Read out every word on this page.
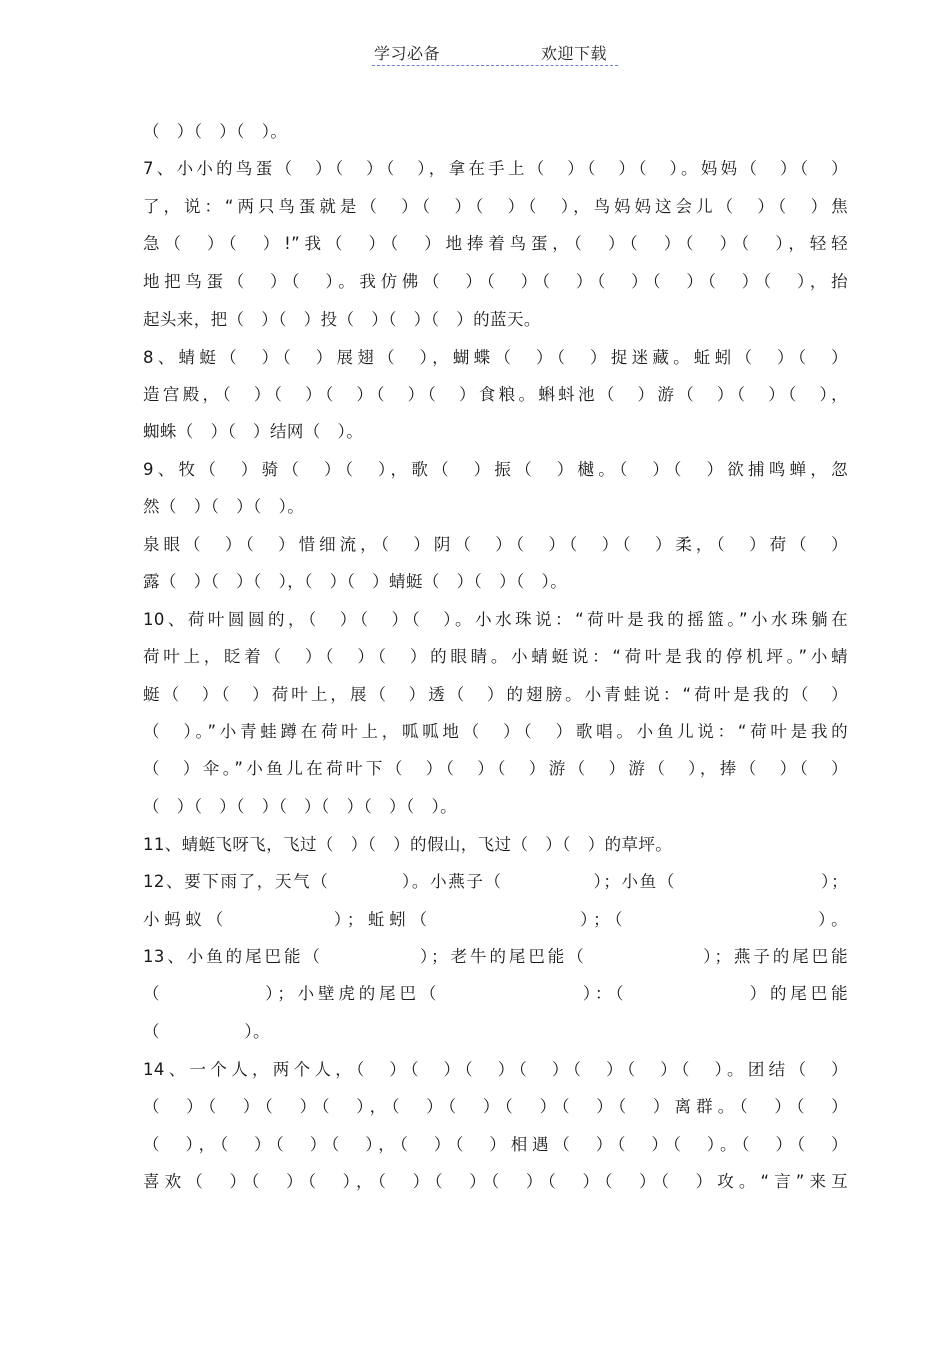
学习必备	欢迎下载
（　）（　）（　）。
7、小小的鸟蛋（　）（　）（　），拿在手上（　）（　）（　）。妈妈（　）（　）
了，说：“两只鸟蛋就是（　）（　）（　）（　），鸟妈妈这会儿（　）（　）焦
急（　）（　）!”我（　）（　）地捧着鸟蛋，（　）（　）（　）（　），轻轻
地把鸟蛋（　）（　）。我仿佛（　）（　）（　）（　）（　）（　）（　），抬
起头来，把（　）（　）投（　）（　）（　）的蓝天。
8、蜻蜓（　）（　）展翅（　），蝴蝶（　）（　）捉迷藏。蚯蚓（　）（　）
造宫殿，（　）（　）（　）（　）（　）食粮。蝌蚪池（　）游（　）（　）（　），
蜘蛛（　）（　）结网（　）。
9、牧（　）骑（　）（　），歌（　）振（　）樾。（　）（　）欲捕鸣蝉，忽
然（　）（　）（　）。
泉眼（　）（　）惜细流，（　）阴（　）（　）（　）（　）柔，（　）荷（　）
露（　）（　）（　），（　）（　）蜻蜓（　）（　）（　）。
10、荷叶圆圆的，（　）（　）（　）。小水珠说：“荷叶是我的摇篮。”小水珠躺在
荷叶上，眨着（　）（　）（　）的眼睛。小蜻蜓说：“荷叶是我的停机坪。”小蜻
蜓（　）（　）荷叶上，展（　）透（　）的翅膀。小青蛙说：“荷叶是我的（　）
（　）。”小青蛙蹲在荷叶上，呱呱地（　）（　）歌唱。小鱼儿说：“荷叶是我的
（　）伞。”小鱼儿在荷叶下（　）（　）（　）游（　）游（　），捧（　）（　）
（　）（　）（　）（　）（　）（　）（　）。
11、蜻蜓飞呀飞，飞过（　）（　）的假山，飞过（　）（　）的草坪。
12、要下雨了，天气（　　　　）。小燕子（　　　　　）；小鱼（　　　　　　　　）；
小蚂蚁（　　　　　）；蚯蚓（　　　　　　　）；（　　　　　　　　　）。
13、小鱼的尾巴能（　　　　　）；老牛的尾巴能（　　　　　　）；燕子的尾巴能
（　　　　　）；小壁虎的尾巴（　　　　　　　）：（　　　　　　）的尾巴能
（　　　　　）。
14、一个人，两个人，（　）（　）（　）（　）（　）（　）（　）。团结（　）
（　）（　）（　）（　），（　）（　）（　）（　）（　）离群。（　）（　）
（　），（　）（　）（　），（　）（　）相遇（　）（　）（　）。（　）（　）
喜欢（　）（　）（　），（　）（　）（　）（　）（　）（　）攻。“言”来互
